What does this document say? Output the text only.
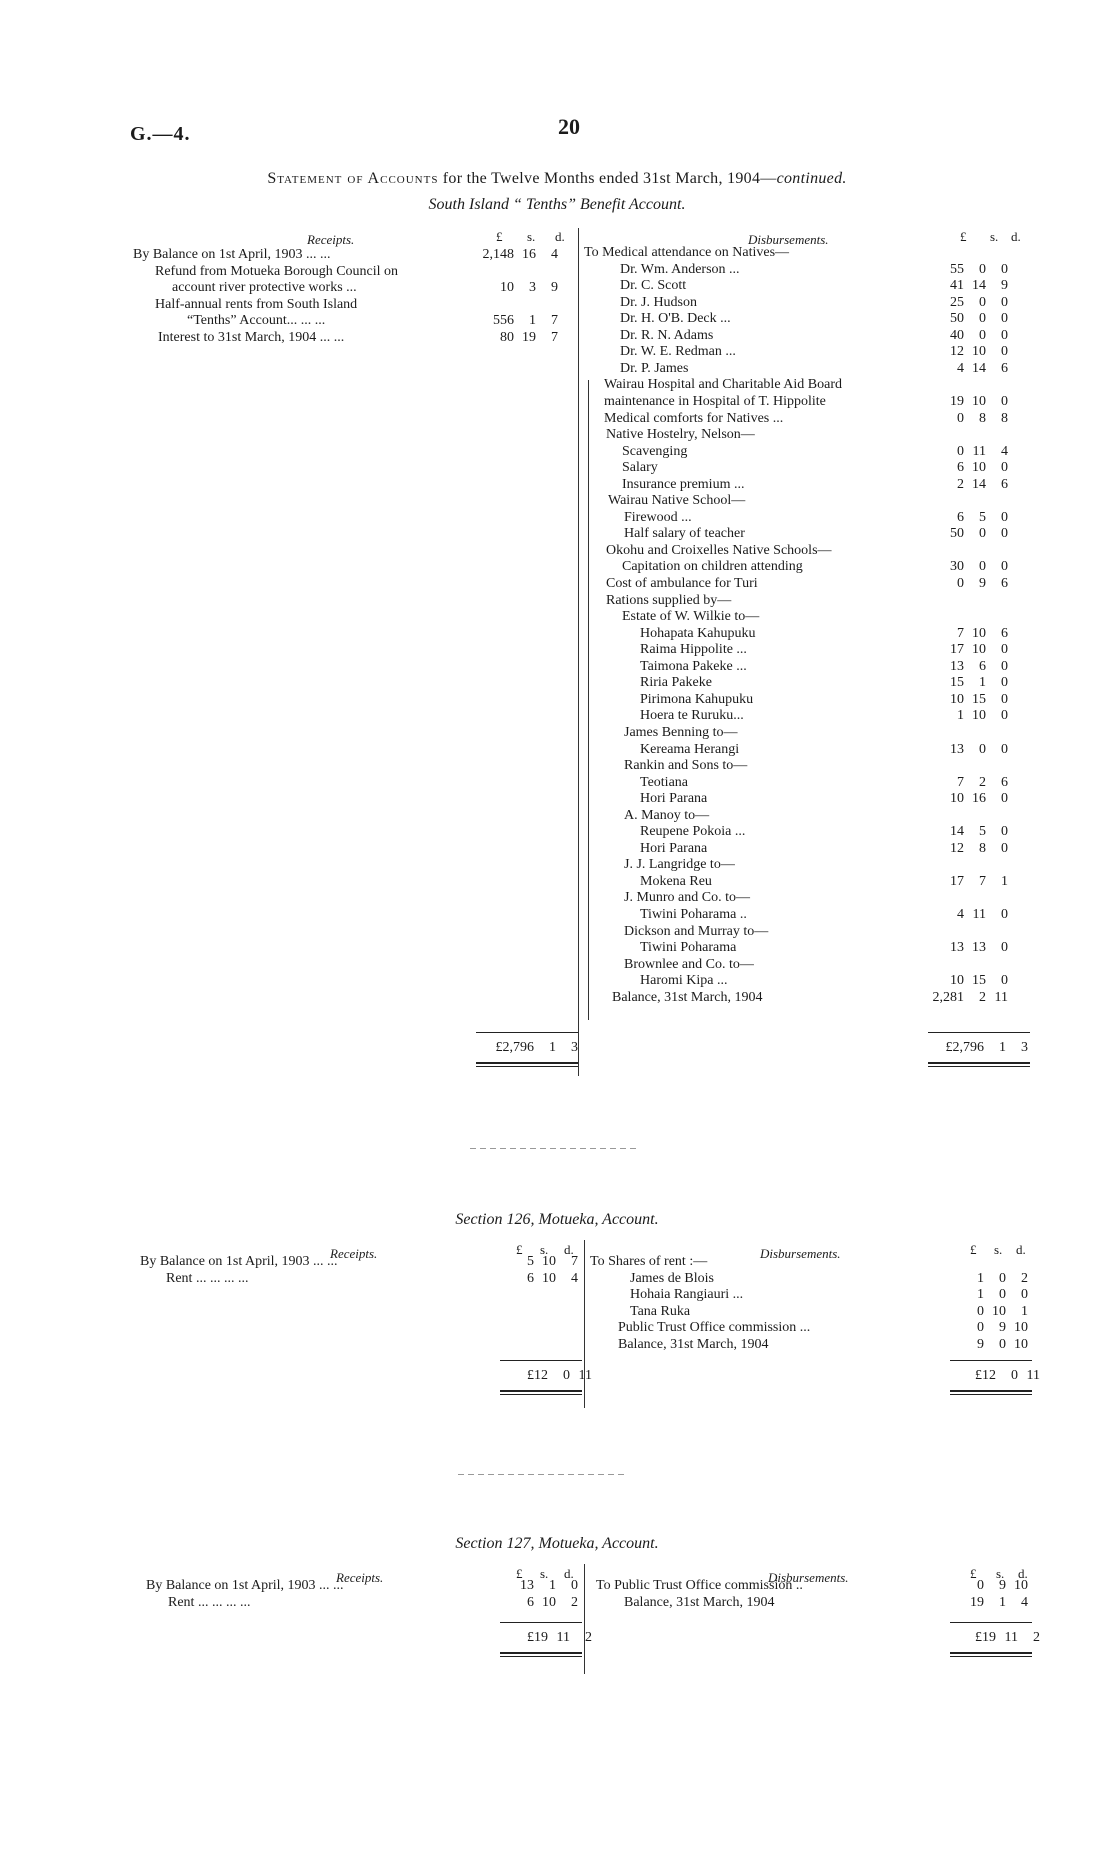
G.—4.	20
Statement of Accounts for the Twelve Months ended 31st March, 1904—continued.
South Island “ Tenths” Benefit Account.
Receipts.	£ s. d.	Disbursements.	£ s. d.
By Balance on 1st April, 1903 ... ...	2,148 16 4
Refund from Motueka Borough Council on
account river protective works ...	10 3 9
Half-annual rents from South Island
“Tenths” Account... ... ...	556 1 7
Interest to 31st March, 1904 ... ...	80 19 7
To Medical attendance on Natives—
Dr. Wm. Anderson ...	55 0 0
Dr. C. Scott	41 14 9
Dr. J. Hudson	25 0 0
Dr. H. O'B. Deck ...	50 0 0
Dr. R. N. Adams	40 0 0
Dr. W. E. Redman ...	12 10 0
Dr. P. James	4 14 6
Wairau Hospital and Charitable Aid Board
maintenance in Hospital of T. Hippolite	19 10 0
Medical comforts for Natives ...	0 8 8
Native Hostelry, Nelson—
Scavenging	0 11 4
Salary	6 10 0
Insurance premium ...	2 14 6
Wairau Native School—
Firewood ...	6 5 0
Half salary of teacher	50 0 0
Okohu and Croixelles Native Schools—
Capitation on children attending	30 0 0
Cost of ambulance for Turi	0 9 6
Rations supplied by—
Estate of W. Wilkie to—
Hohapata Kahupuku	7 10 6
Raima Hippolite ...	17 10 0
Taimona Pakeke ...	13 6 0
Riria Pakeke	15 1 0
Pirimona Kahupuku	10 15 0
Hoera te Ruruku...	1 10 0
James Benning to—
Kereama Herangi	13 0 0
Rankin and Sons to—
Teotiana	7 2 6
Hori Parana	10 16 0
A. Manoy to—
Reupene Pokoia ...	14 5 0
Hori Parana	12 8 0
J. J. Langridge to—
Mokena Reu	17 7 1
J. Munro and Co. to—
Tiwini Poharama ..	4 11 0
Dickson and Murray to—
Tiwini Poharama	13 13 0
Brownlee and Co. to—
Haromi Kipa ...	10 15 0
Balance, 31st March, 1904	2,281 2 11
£2,796 1 3	£2,796 1 3
Section 126, Motueka, Account.
Receipts.	£ s. d.	Disbursements.	£ s. d.
By Balance on 1st April, 1903 ... ...	5 10 7
Rent ... ... ... ...	6 10 4
To Shares of rent :—
James de Blois	1 0 2
Hohaia Rangiauri ...	1 0 0
Tana Ruka	0 10 1
Public Trust Office commission ...	0 9 10
Balance, 31st March, 1904	9 0 10
£12 0 11	£12 0 11
Section 127, Motueka, Account.
Receipts.	£ s. d.	Disbursements.	£ s. d.
By Balance on 1st April, 1903 ... ...	13 1 0
Rent ... ... ... ...	6 10 2
To Public Trust Office commission ..	0 9 10
Balance, 31st March, 1904	19 1 4
£19 11 2	£19 11 2
